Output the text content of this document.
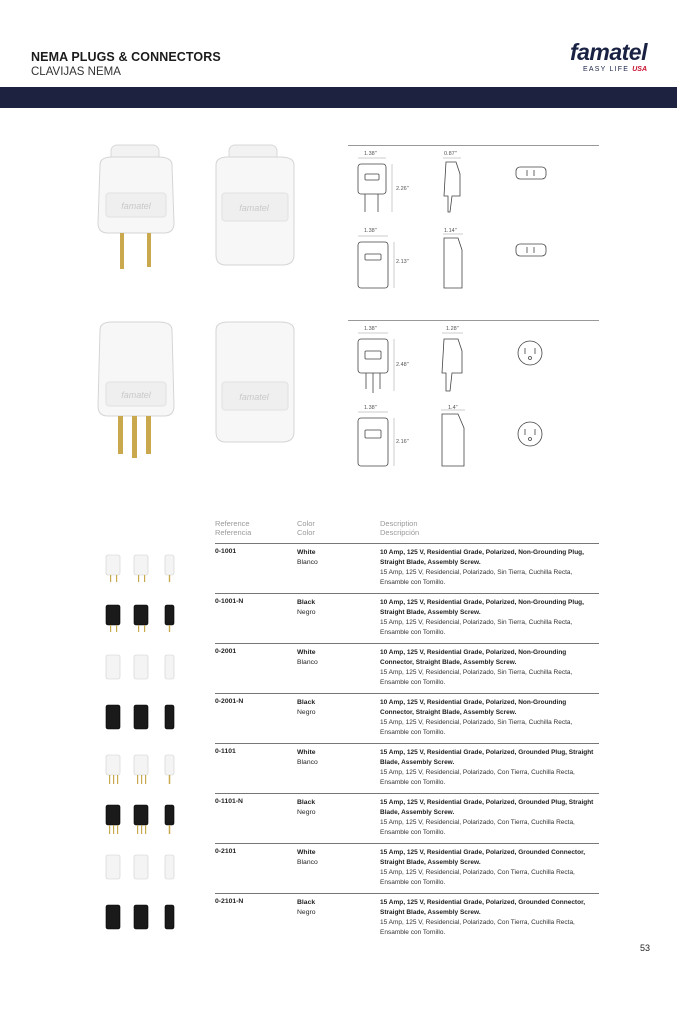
NEMA PLUGS & CONNECTORS
CLAVIJAS NEMA
famatel
EASY LIFE USA
famatel	famatel
famatel	famatel
1.38"	0.87"
2.26"
1.38"	1.14"
2.13"
1.38"	1.28"
2.48"
1.38"	1.4"
2.16"
Reference
Referencia
Color
Color
Description
Descripción
0-1001	White
Blanco
10 Amp, 125 V, Residential Grade, Polarized, Non-Grounding Plug, Straight Blade, Assembly Screw.
15 Amp, 125 V, Residencial, Polarizado, Sin Tierra, Cuchilla Recta, Ensamble con Tornillo.
0-1001-N	Black
Negro
10 Amp, 125 V, Residential Grade, Polarized, Non-Grounding Plug, Straight Blade, Assembly Screw.
15 Amp, 125 V, Residencial, Polarizado, Sin Tierra, Cuchilla Recta, Ensamble con Tornillo.
0-2001	White
Blanco
10 Amp, 125 V, Residential Grade, Polarized, Non-Grounding Connector, Straight Blade, Assembly Screw.
15 Amp, 125 V, Residencial, Polarizado, Sin Tierra, Cuchilla Recta, Ensamble con Tornillo.
0-2001-N	Black
Negro
10 Amp, 125 V, Residential Grade, Polarized, Non-Grounding Connector, Straight Blade, Assembly Screw.
15 Amp, 125 V, Residencial, Polarizado, Sin Tierra, Cuchilla Recta, Ensamble con Tornillo.
0-1101	White
Blanco
15 Amp, 125 V, Residential Grade, Polarized, Grounded Plug, Straight Blade, Assembly Screw.
15 Amp, 125 V, Residencial, Polarizado, Con Tierra, Cuchilla Recta, Ensamble con Tornillo.
0-1101-N	Black
Negro
15 Amp, 125 V, Residential Grade, Polarized, Grounded Plug, Straight Blade, Assembly Screw.
15 Amp, 125 V, Residencial, Polarizado, Con Tierra, Cuchilla Recta, Ensamble con Tornillo.
0-2101	White
Blanco
15 Amp, 125 V, Residential Grade, Polarized, Grounded Connector, Straight Blade, Assembly Screw.
15 Amp, 125 V, Residencial, Polarizado, Con Tierra, Cuchilla Recta, Ensamble con Tornillo.
0-2101-N	Black
Negro
15 Amp, 125 V, Residential Grade, Polarized, Grounded Connector, Straight Blade, Assembly Screw.
15 Amp, 125 V, Residencial, Polarizado, Con Tierra, Cuchilla Recta, Ensamble con Tornillo.
53
